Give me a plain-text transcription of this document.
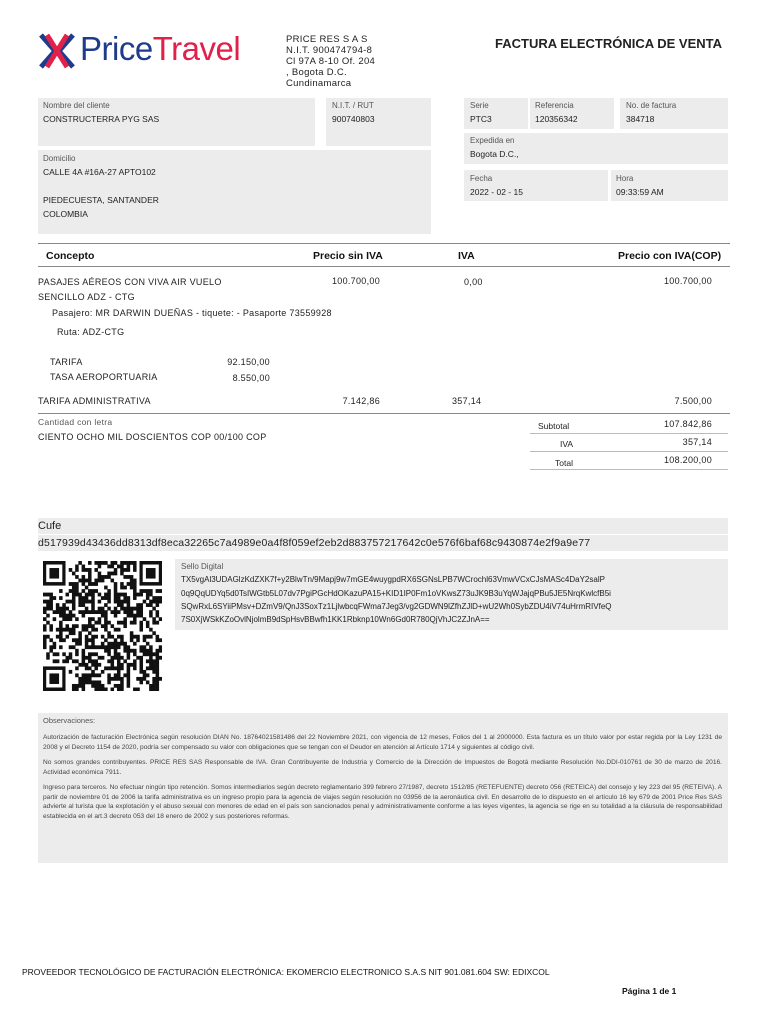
PriceTravel	PRICE RES S A S
N.I.T. 900474794-8
Cl 97A 8-10 Of. 204
, Bogota D.C.
Cundinamarca
FACTURA ELECTRÓNICA DE VENTA
Nombre del cliente
CONSTRUCTERRA PYG SAS
N.I.T. / RUT
900740803
Domicilio
CALLE 4A #16A-27 APTO102
PIEDECUESTA, SANTANDER
COLOMBIA
Serie
PTC3
Referencia
120356342
No. de factura
384718
Expedida en
Bogota D.C.,
Fecha
2022 - 02 - 15
Hora
09:33:59 AM
Concepto	Precio sin IVA	IVA	Precio con IVA(COP)
PASAJES AÉREOS CON VIVA AIR VUELO
SENCILLO ADZ - CTG
100.700,00	0,00	100.700,00
Pasajero: MR DARWIN DUEÑAS - tiquete: - Pasaporte 73559928
Ruta: ADZ-CTG
TARIFA	92.150,00
TASA AEROPORTUARIA	8.550,00
TARIFA ADMINISTRATIVA	7.142,86	357,14	7.500,00
Cantidad con letra
CIENTO OCHO MIL DOSCIENTOS COP 00/100 COP
Subtotal	107.842,86
IVA	357,14
Total	108.200,00
Cufe
d517939d43436dd8313df8eca32265c7a4989e0a4f8f059ef2eb2d883757217642c0e576f6baf68c9430874e2f9a9e77
Sello Digital
TX5vgAl3UDAGlzKdZXK7f+y2BlwTn/9Mapj9w7mGE4wuygpdRX6SGNsLPB7WCrochl63VmwVCxCJsMASc4DaY2salP
0q9QqUDYq5d0TsIWGtb5L07dv7PgiPGcHdOKazuPA15+KID1IP0Fm1oVKwsZ73uJK9B3uYqWJajqPBu5JE5NrqKwlcfB5i
SQwRxL6SYiiPMsv+DZmV9/QnJ3SoxTz1LjlwbcqFWma7Jeg3/vg2GDWN9lZfhZJlD+wU2Wh0SybZDU4iV74uHrmRIVfeQ
7S0XjWSkKZoOvlNjolmB9dSpHsvBBwfh1KK1Rbknp10Wn6Gd0R780QjVhJC2ZJnA==
Observaciones:

Autorización de facturación Electrónica según resolución DIAN No. 18764021581486 del 22 Noviembre 2021, con vigencia de 12 meses, Folios del 1 al 2000000. Esta factura es un título valor por estar regida por la Ley 1231 de 2008 y el Decreto 1154 de 2020, podría ser compensado su valor con obligaciones que se tengan con el Deudor en atención al Artículo 1714 y siguientes al código civil.

No somos grandes contribuyentes. PRICE RES SAS Responsable de IVA. Gran Contribuyente de Industria y Comercio de la Dirección de Impuestos de Bogotá mediante Resolución No.DDI-010761 de 30 de marzo de 2016. Actividad económica 7911.

Ingreso para terceros. No efectuar ningún tipo retención. Somos intermediarios según decreto reglamentario 399 febrero 27/1987, decreto 1512/85 (RETEFUENTE) decreto 056 (RETEICA) del consejo y ley 223 del 95 (RETEIVA). A partir de noviembre 01 de 2006 la tarifa administrativa es un ingreso propio para la agencia de viajes según resolución no 03956 de la aeronáutica civil. En desarrollo de lo dispuesto en el artículo 16 ley 679 de 2001 Price Res SAS advierte al turista que la explotación y el abuso sexual con menores de edad en el país son sancionados penal y administrativamente conforme a las leyes vigentes, la agencia se rige en su totalidad a la cláusula de responsabilidad establecida en el art.3 decreto 053 del 18 enero de 2002 y sus posteriores reformas.

PROVEEDOR TECNOLÓGICO DE FACTURACIÓN ELECTRÓNICA: EKOMERCIO ELECTRONICO S.A.S NIT 901.081.604 SW: EDIXCOL
Página 1 de 1
